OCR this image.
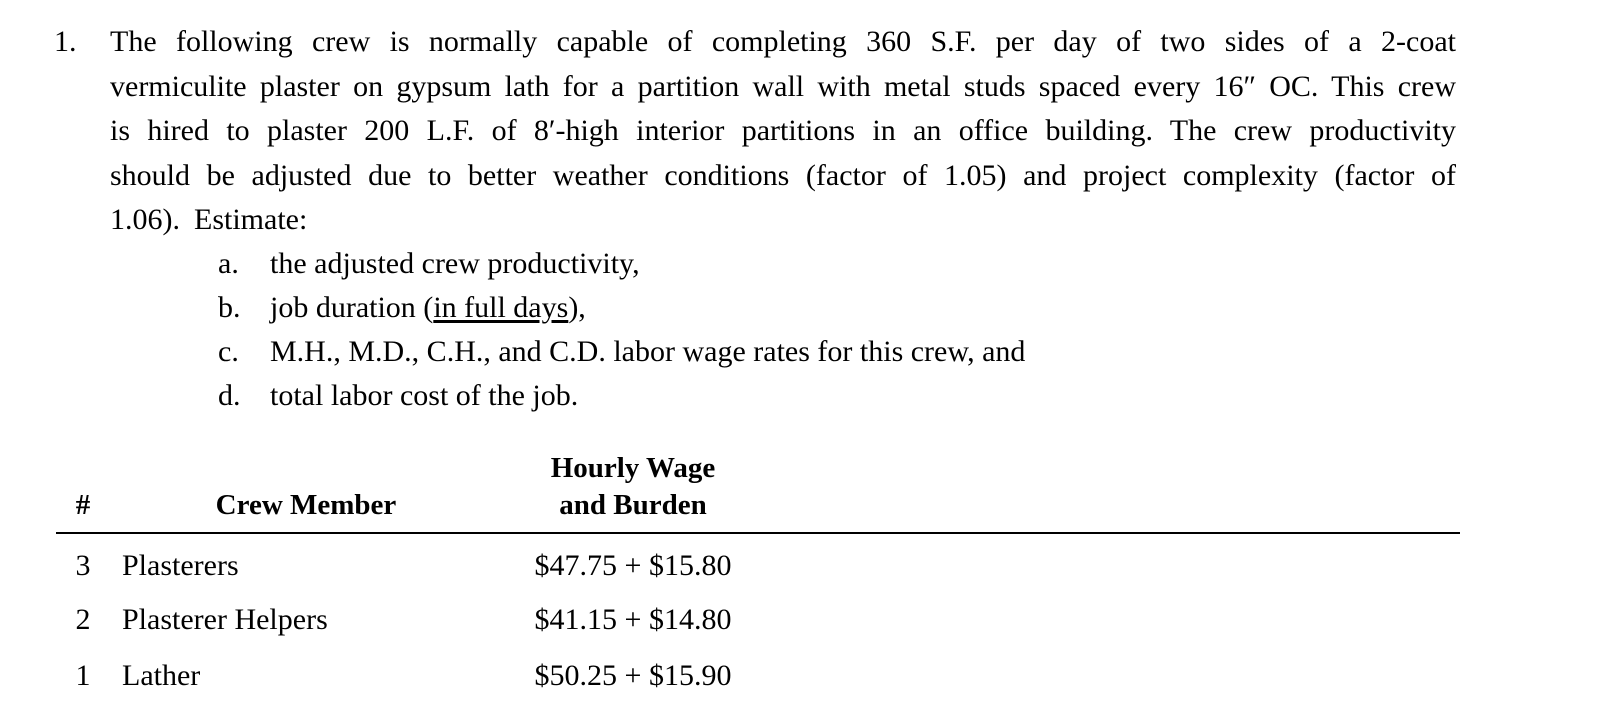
1. The following crew is normally capable of completing 360 S.F. per day of two sides of a 2-coat
vermiculite plaster on gypsum lath for a partition wall with metal studs spaced every 16″ OC. This crew
is hired to plaster 200 L.F. of 8′-high interior partitions in an office building. The crew productivity
should be adjusted due to better weather conditions (factor of 1.05) and project complexity (factor of
1.06). Estimate:
a. the adjusted crew productivity,
b. job duration (in full days),
c. M.H., M.D., C.H., and C.D. labor wage rates for this crew, and
d. total labor cost of the job.
#	Crew Member	Hourly Wage
and Burden	

3	Plasterers	$47.75 + $15.80	
2	Plasterer Helpers	$41.15 + $14.80	
1	Lather	$50.25 + $15.90	
